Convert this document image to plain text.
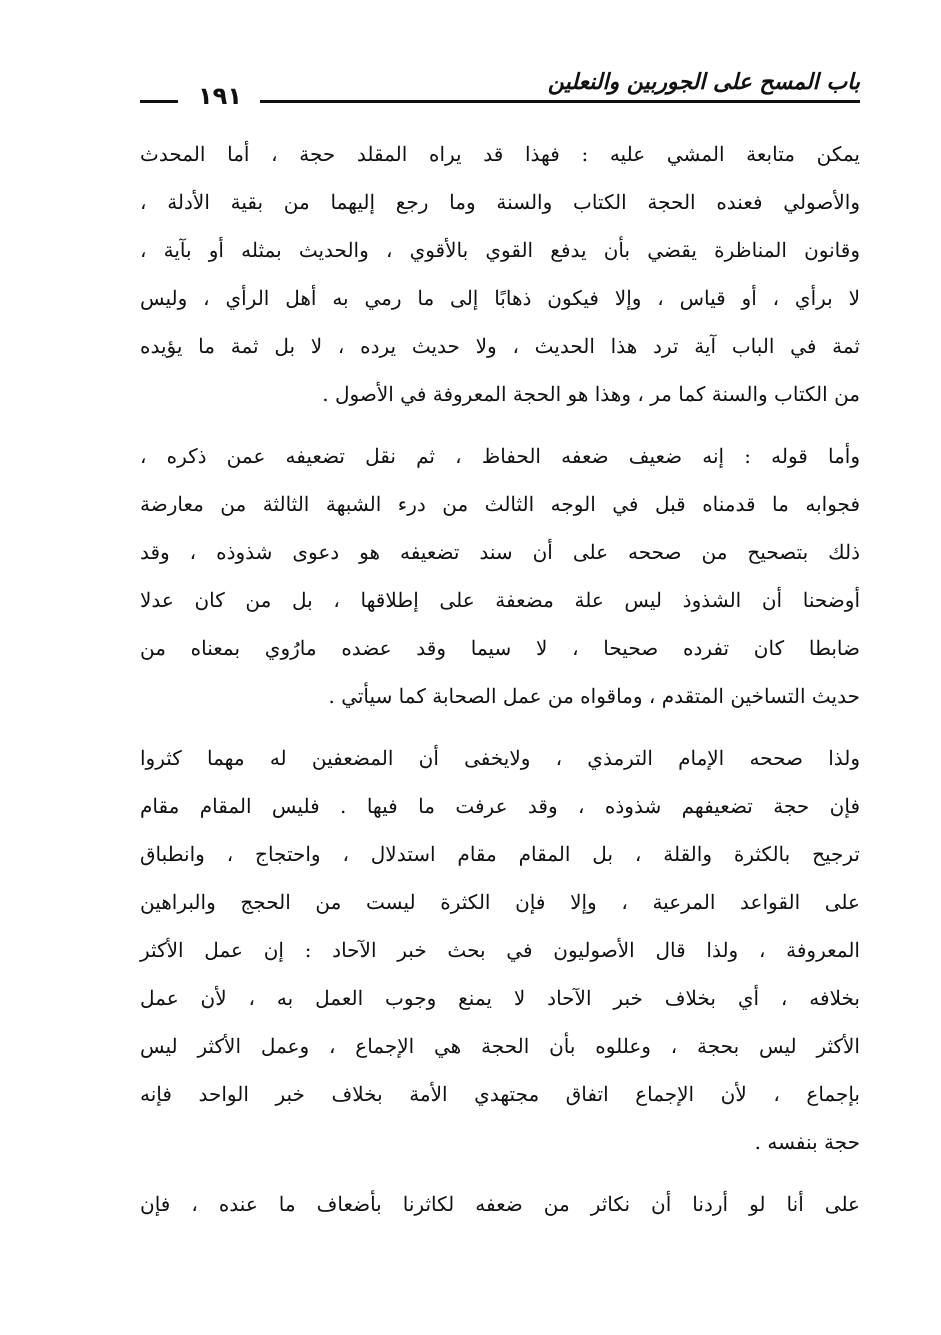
١٩١	باب المسح على الجوربين والنعلين
يمكن متابعة المشي عليه : فهذا قد يراه المقلد حجة ، أما المحدث
والأصولي فعنده الحجة الكتاب والسنة وما رجع إليهما من بقية الأدلة ،
وقانون المناظرة يقضي بأن يدفع القوي بالأقوي ، والحديث بمثله أو بآية ،
لا برأي ، أو قياس ، وإلا فيكون ذهابًا إلى ما رمي به أهل الرأي ، وليس
ثمة في الباب آية ترد هذا الحديث ، ولا حديث يرده ، لا بل ثمة ما يؤيده
من الكتاب والسنة كما مر ، وهذا هو الحجة المعروفة في الأصول .
وأما قوله : إنه ضعيف ضعفه الحفاظ ، ثم نقل تضعيفه عمن ذكره ،
فجوابه ما قدمناه قبل في الوجه الثالث من درء الشبهة الثالثة من معارضة
ذلك بتصحيح من صححه على أن سند تضعيفه هو دعوى شذوذه ، وقد
أوضحنا أن الشذوذ ليس علة مضعفة على إطلاقها ، بل من كان عدلا
ضابطا كان تفرده صحيحا ، لا سيما وقد عضده مارُوي بمعناه من
حديث التساخين المتقدم ، وماقواه من عمل الصحابة كما سيأتي .
ولذا صححه الإمام الترمذي ، ولايخفى أن المضعفين له مهما كثروا
فإن حجة تضعيفهم شذوذه ، وقد عرفت ما فيها . فليس المقام مقام
ترجيح بالكثرة والقلة ، بل المقام مقام استدلال ، واحتجاج ، وانطباق
على القواعد المرعية ، وإلا فإن الكثرة ليست من الحجج والبراهين
المعروفة ، ولذا قال الأصوليون في بحث خبر الآحاد : إن عمل الأكثر
بخلافه ، أي بخلاف خبر الآحاد لا يمنع وجوب العمل به ، لأن عمل
الأكثر ليس بحجة ، وعللوه بأن الحجة هي الإجماع ، وعمل الأكثر ليس
بإجماع ، لأن الإجماع اتفاق مجتهدي الأمة بخلاف خبر الواحد فإنه
حجة بنفسه .
على أنا لو أردنا أن نكاثر من ضعفه لكاثرنا بأضعاف ما عنده ، فإن
